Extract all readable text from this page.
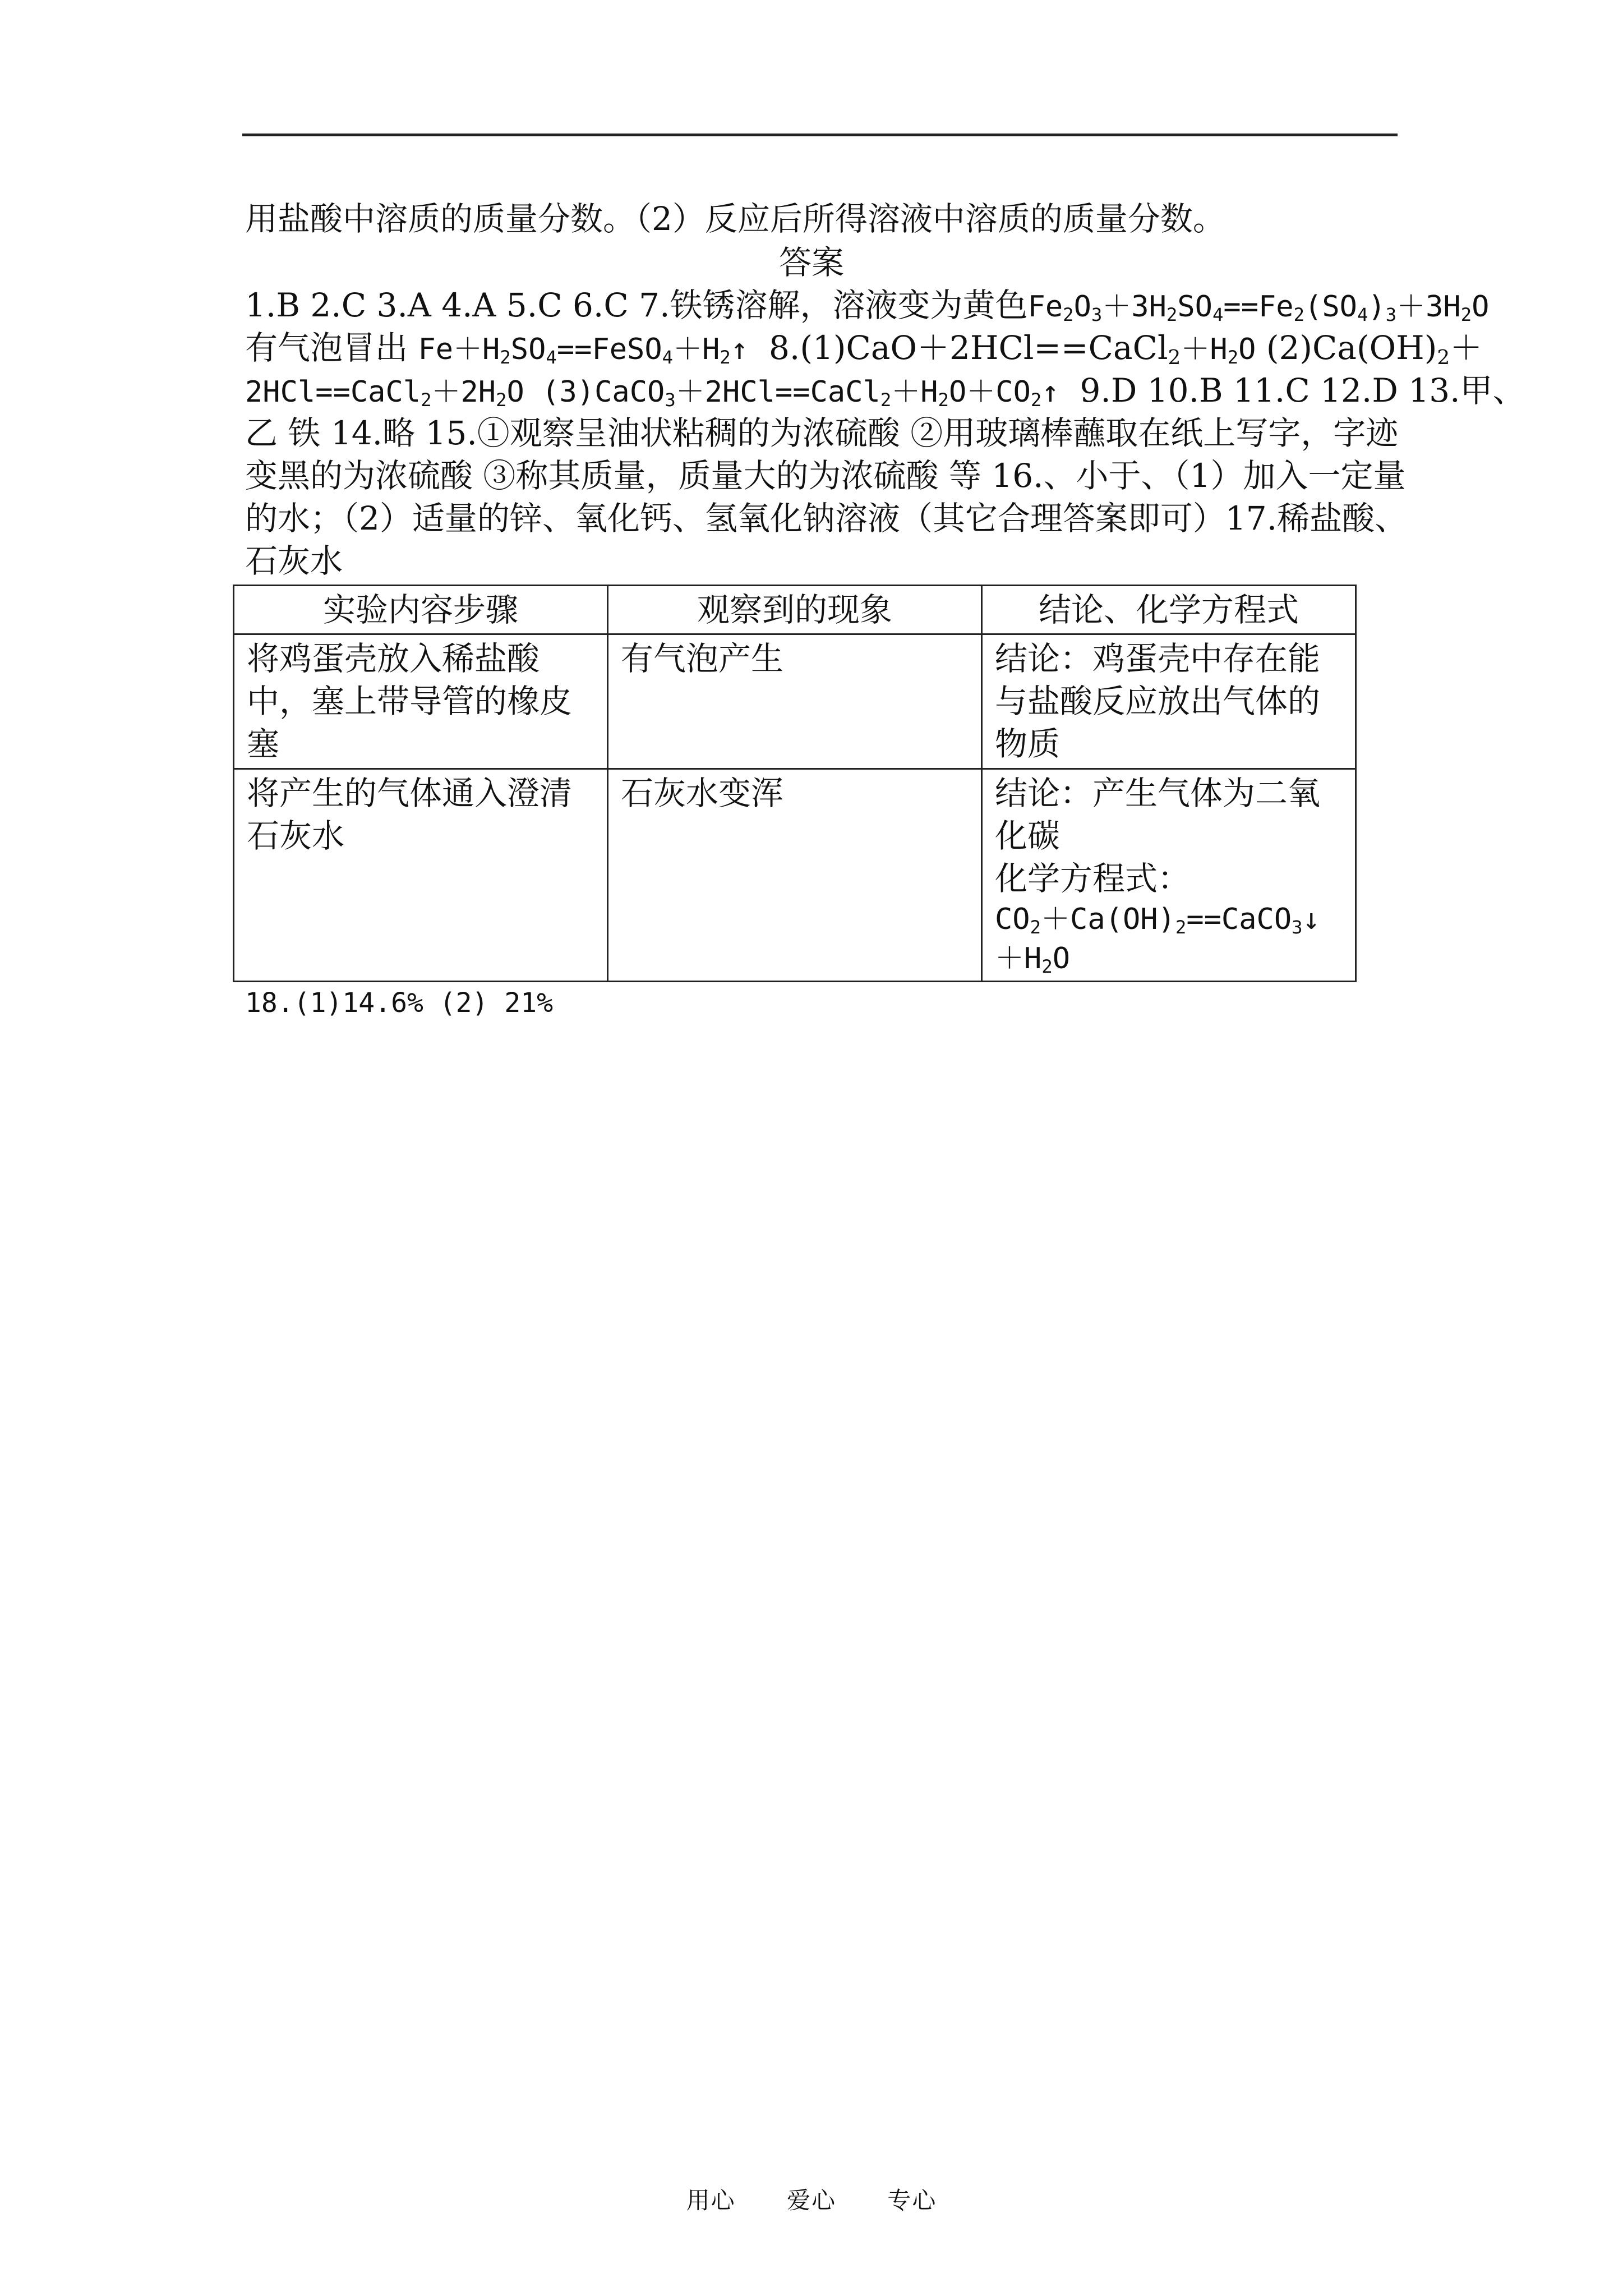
用盐酸中溶质的质量分数。（2）反应后所得溶液中溶质的质量分数。
答案
1.B 2.C 3.A 4.A 5.C 6.C 7.铁锈溶解，溶液变为黄色$Fe_2O_3+3H_2SO_4==Fe_2(SO_4)_3+3H_2O$
有气泡冒出 $Fe+H_2SO_4==FeSO_4+H_2↑$ $8.(1)CaO+2HCl==CaCl_2+H_2O$ $(2)Ca(OH)_2+$
$2HCl==CaCl_2+2H_2O$ $(3)CaCO_3+2HCl==CaCl_2+H_2O+CO_2↑$ 9.D 10.B 11.C 12.D 13.甲、
乙 铁 14.略 15.①观察呈油状粘稠的为浓硫酸 ②用玻璃棒蘸取在纸上写字，字迹
变黑的为浓硫酸 ③称其质量，质量大的为浓硫酸 等 16.、小于、（1）加入一定量
的水；（2）适量的锌、氧化钙、氢氧化钠溶液（其它合理答案即可）17.稀盐酸、
石灰水
实验内容步骤	观察到的现象	结论、化学方程式
将鸡蛋壳放入稀盐酸中，塞上带导管的橡皮塞	有气泡产生	结论：鸡蛋壳中存在能与盐酸反应放出气体的物质
将产生的气体通入澄清石灰水	石灰水变浑	结论：产生气体为二氧化碳
化学方程式：
$CO_2+Ca(OH)_2==CaCO_3↓$
$+H_2O$
18.(1)14.6% (2) 21%
用心 爱心 专心
